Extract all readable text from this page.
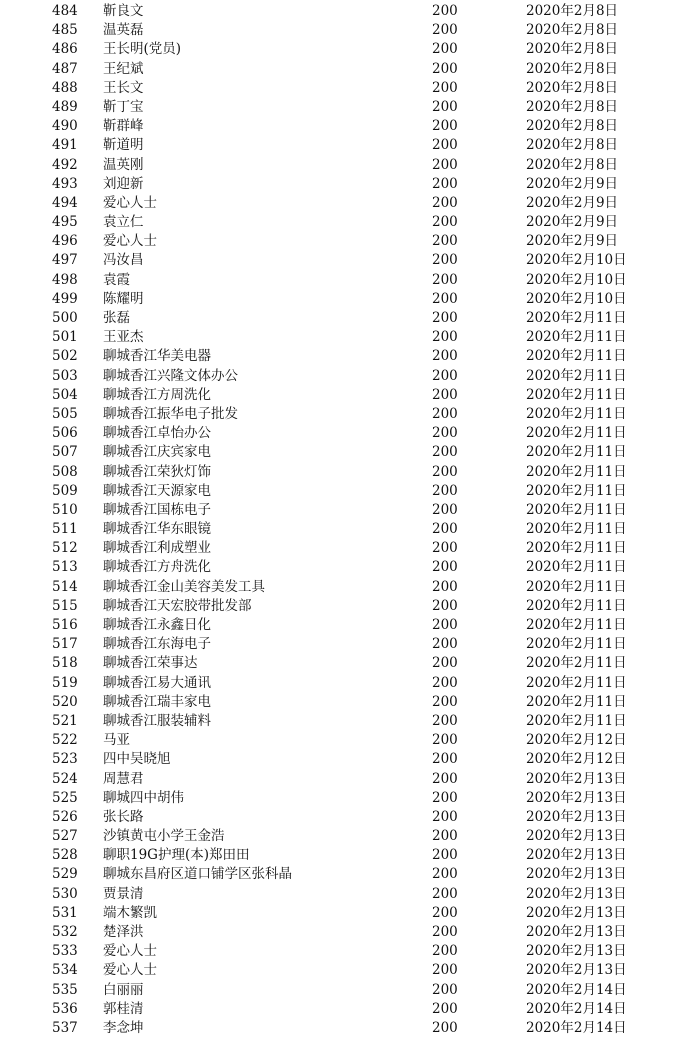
484 靳良文	200	2020年2月8日
485 温英磊	200	2020年2月8日
486 王长明(党员)	200	2020年2月8日
487 王纪斌	200	2020年2月8日
488 王长文	200	2020年2月8日
489 靳丁宝	200	2020年2月8日
490 靳群峰	200	2020年2月8日
491 靳道明	200	2020年2月8日
492 温英刚	200	2020年2月8日
493 刘迎新	200	2020年2月9日
494 爱心人士	200	2020年2月9日
495 袁立仁	200	2020年2月9日
496 爱心人士	200	2020年2月9日
497 冯汝昌	200	2020年2月10日
498 袁霞	200	2020年2月10日
499 陈耀明	200	2020年2月10日
500 张磊	200	2020年2月11日
501 王亚杰	200	2020年2月11日
502 聊城香江华美电器	200	2020年2月11日
503 聊城香江兴隆文体办公	200	2020年2月11日
504 聊城香江方周洗化	200	2020年2月11日
505 聊城香江振华电子批发	200	2020年2月11日
506 聊城香江卓怡办公	200	2020年2月11日
507 聊城香江庆宾家电	200	2020年2月11日
508 聊城香江荣狄灯饰	200	2020年2月11日
509 聊城香江天源家电	200	2020年2月11日
510 聊城香江国栋电子	200	2020年2月11日
511 聊城香江华东眼镜	200	2020年2月11日
512 聊城香江利成塑业	200	2020年2月11日
513 聊城香江方舟洗化	200	2020年2月11日
514 聊城香江金山美容美发工具	200	2020年2月11日
515 聊城香江天宏胶带批发部	200	2020年2月11日
516 聊城香江永鑫日化	200	2020年2月11日
517 聊城香江东海电子	200	2020年2月11日
518 聊城香江荣事达	200	2020年2月11日
519 聊城香江易大通讯	200	2020年2月11日
520 聊城香江瑞丰家电	200	2020年2月11日
521 聊城香江服装辅料	200	2020年2月11日
522 马亚	200	2020年2月12日
523 四中吴晓旭	200	2020年2月12日
524 周慧君	200	2020年2月13日
525 聊城四中胡伟	200	2020年2月13日
526 张长路	200	2020年2月13日
527 沙镇黄屯小学王金浩	200	2020年2月13日
528 聊职19G护理(本)郑田田	200	2020年2月13日
529 聊城东昌府区道口铺学区张科晶	200	2020年2月13日
530 贾景清	200	2020年2月13日
531 端木繁凯	200	2020年2月13日
532 楚泽洪	200	2020年2月13日
533 爱心人士	200	2020年2月13日
534 爱心人士	200	2020年2月13日
535 白丽丽	200	2020年2月14日
536 郭桂清	200	2020年2月14日
537 李念坤	200	2020年2月14日
